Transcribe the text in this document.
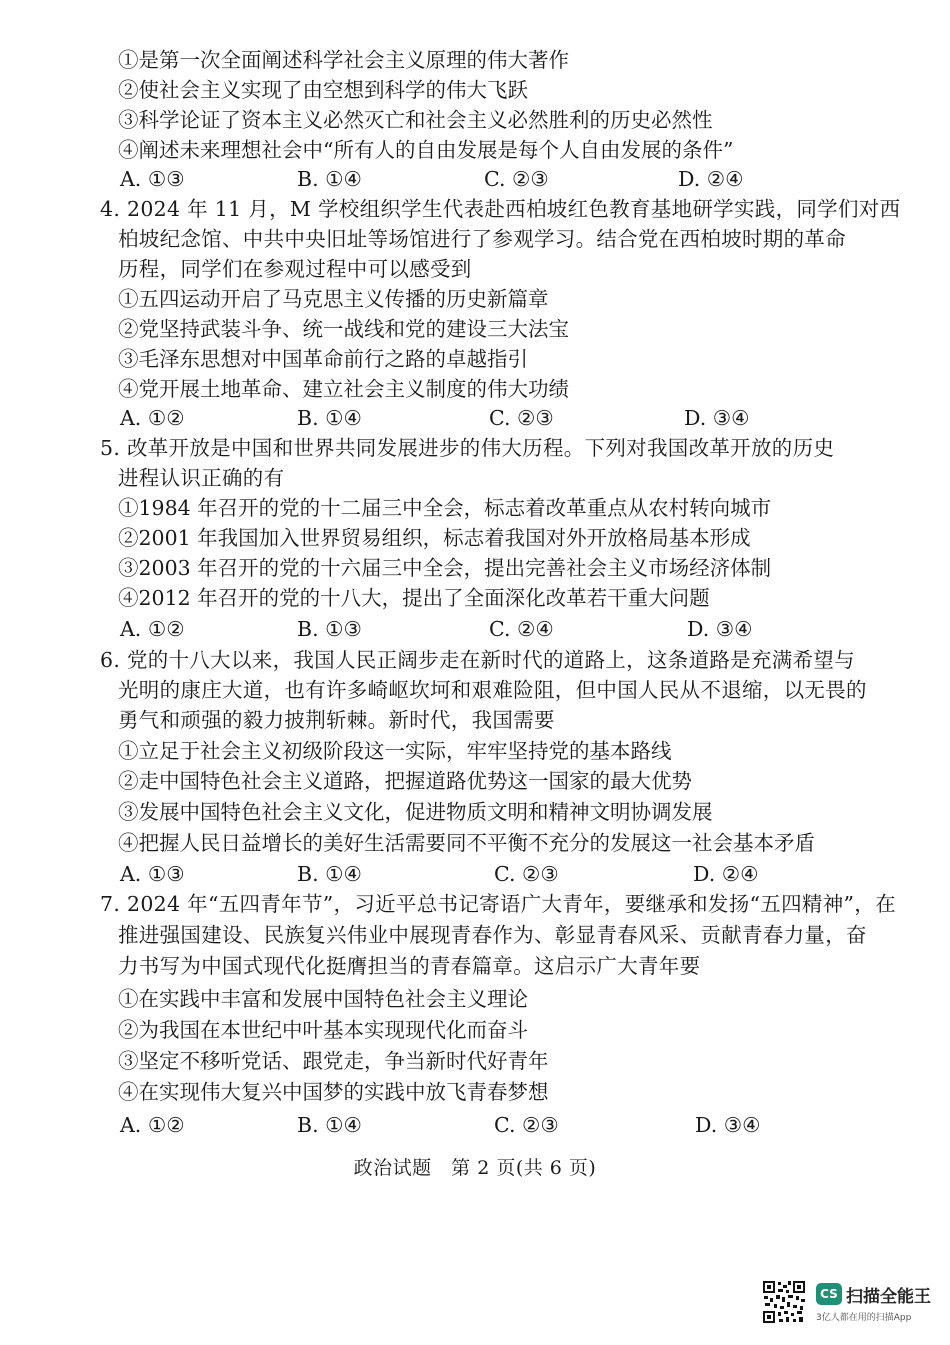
①是第一次全面阐述科学社会主义原理的伟大著作
②使社会主义实现了由空想到科学的伟大飞跃
③科学论证了资本主义必然灭亡和社会主义必然胜利的历史必然性
④阐述未来理想社会中“所有人的自由发展是每个人自由发展的条件”
A. ①③	B. ①④	C. ②③	D. ②④
4. 2024 年 11 月，M 学校组织学生代表赴西柏坡红色教育基地研学实践，同学们对西
柏坡纪念馆、中共中央旧址等场馆进行了参观学习。结合党在西柏坡时期的革命
历程，同学们在参观过程中可以感受到
①五四运动开启了马克思主义传播的历史新篇章
②党坚持武装斗争、统一战线和党的建设三大法宝
③毛泽东思想对中国革命前行之路的卓越指引
④党开展土地革命、建立社会主义制度的伟大功绩
A. ①②	B. ①④	C. ②③	D. ③④
5. 改革开放是中国和世界共同发展进步的伟大历程。下列对我国改革开放的历史
进程认识正确的有
①1984 年召开的党的十二届三中全会，标志着改革重点从农村转向城市
②2001 年我国加入世界贸易组织，标志着我国对外开放格局基本形成
③2003 年召开的党的十六届三中全会，提出完善社会主义市场经济体制
④2012 年召开的党的十八大，提出了全面深化改革若干重大问题
A. ①②	B. ①③	C. ②④	D. ③④
6. 党的十八大以来，我国人民正阔步走在新时代的道路上，这条道路是充满希望与
光明的康庄大道，也有许多崎岖坎坷和艰难险阻，但中国人民从不退缩，以无畏的
勇气和顽强的毅力披荆斩棘。新时代，我国需要
①立足于社会主义初级阶段这一实际，牢牢坚持党的基本路线
②走中国特色社会主义道路，把握道路优势这一国家的最大优势
③发展中国特色社会主义文化，促进物质文明和精神文明协调发展
④把握人民日益增长的美好生活需要同不平衡不充分的发展这一社会基本矛盾
A. ①③	B. ①④	C. ②③	D. ②④
7. 2024 年“五四青年节”，习近平总书记寄语广大青年，要继承和发扬“五四精神”，在
推进强国建设、民族复兴伟业中展现青春作为、彰显青春风采、贡献青春力量，奋
力书写为中国式现代化挺膺担当的青春篇章。这启示广大青年要
①在实践中丰富和发展中国特色社会主义理论
②为我国在本世纪中叶基本实现现代化而奋斗
③坚定不移听党话、跟党走，争当新时代好青年
④在实现伟大复兴中国梦的实践中放飞青春梦想
A. ①②	B. ①④	C. ②③	D. ③④
政治试题　第 2 页(共 6 页)
CS 扫描全能王
3亿人都在用的扫描App
